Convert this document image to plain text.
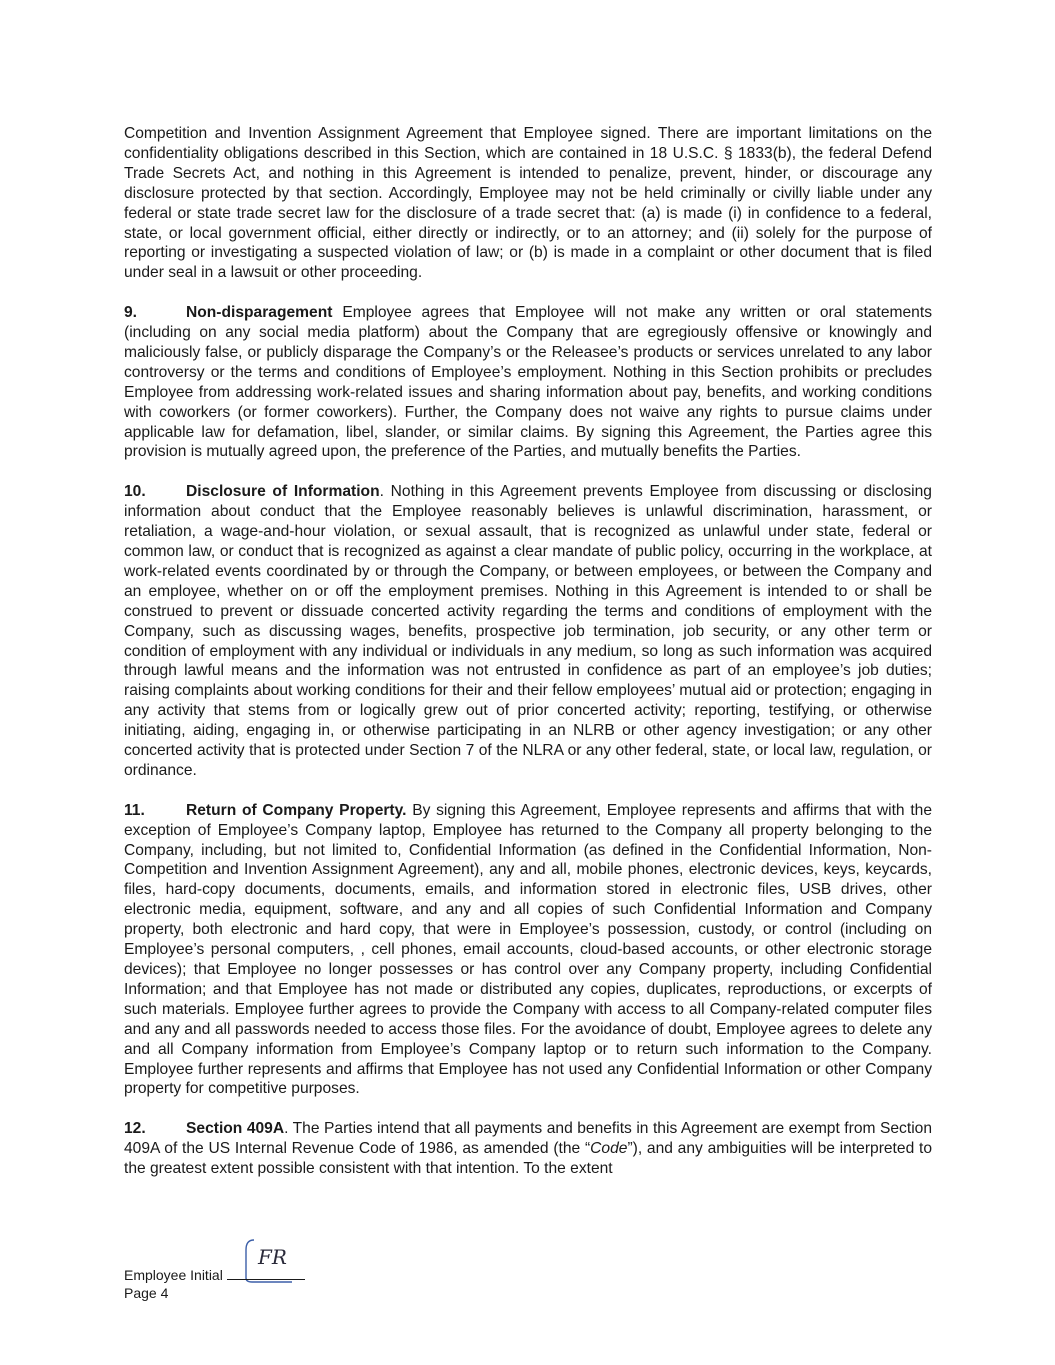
Competition and Invention Assignment Agreement that Employee signed. There are important limitations on the confidentiality obligations described in this Section, which are contained in 18 U.S.C. § 1833(b), the federal Defend Trade Secrets Act, and nothing in this Agreement is intended to penalize, prevent, hinder, or discourage any disclosure protected by that section. Accordingly, Employee may not be held criminally or civilly liable under any federal or state trade secret law for the disclosure of a trade secret that: (a) is made (i) in confidence to a federal, state, or local government official, either directly or indirectly, or to an attorney; and (ii) solely for the purpose of reporting or investigating a suspected violation of law; or (b) is made in a complaint or other document that is filed under seal in a lawsuit or other proceeding.

9.	Non-disparagement Employee agrees that Employee will not make any written or oral statements (including on any social media platform) about the Company that are egregiously offensive or knowingly and maliciously false, or publicly disparage the Company’s or the Releasee’s products or services unrelated to any labor controversy or the terms and conditions of Employee’s employment. Nothing in this Section prohibits or precludes Employee from addressing work-related issues and sharing information about pay, benefits, and working conditions with coworkers (or former coworkers). Further, the Company does not waive any rights to pursue claims under applicable law for defamation, libel, slander, or similar claims. By signing this Agreement, the Parties agree this provision is mutually agreed upon, the preference of the Parties, and mutually benefits the Parties.

10.	Disclosure of Information. Nothing in this Agreement prevents Employee from discussing or disclosing information about conduct that the Employee reasonably believes is unlawful discrimination, harassment, or retaliation, a wage-and-hour violation, or sexual assault, that is recognized as unlawful under state, federal or common law, or conduct that is recognized as against a clear mandate of public policy, occurring in the workplace, at work-related events coordinated by or through the Company, or between employees, or between the Company and an employee, whether on or off the employment premises. Nothing in this Agreement is intended to or shall be construed to prevent or dissuade concerted activity regarding the terms and conditions of employment with the Company, such as discussing wages, benefits, prospective job termination, job security, or any other term or condition of employment with any individual or individuals in any medium, so long as such information was acquired through lawful means and the information was not entrusted in confidence as part of an employee’s job duties; raising complaints about working conditions for their and their fellow employees’ mutual aid or protection; engaging in any activity that stems from or logically grew out of prior concerted activity; reporting, testifying, or otherwise initiating, aiding, engaging in, or otherwise participating in an NLRB or other agency investigation; or any other concerted activity that is protected under Section 7 of the NLRA or any other federal, state, or local law, regulation, or ordinance.

11.	Return of Company Property. By signing this Agreement, Employee represents and affirms that with the exception of Employee’s Company laptop, Employee has returned to the Company all property belonging to the Company, including, but not limited to, Confidential Information (as defined in the Confidential Information, Non-Competition and Invention Assignment Agreement), any and all, mobile phones, electronic devices, keys, keycards, files, hard-copy documents, documents, emails, and information stored in electronic files, USB drives, other electronic media, equipment, software, and any and all copies of such Confidential Information and Company property, both electronic and hard copy, that were in Employee’s possession, custody, or control (including on Employee’s personal computers, , cell phones, email accounts, cloud-based accounts, or other electronic storage devices); that Employee no longer possesses or has control over any Company property, including Confidential Information; and that Employee has not made or distributed any copies, duplicates, reproductions, or excerpts of such materials. Employee further agrees to provide the Company with access to all Company-related computer files and any and all passwords needed to access those files. For the avoidance of doubt, Employee agrees to delete any and all Company information from Employee’s Company laptop or to return such information to the Company. Employee further represents and affirms that Employee has not used any Confidential Information or other Company property for competitive purposes.

12.	Section 409A. The Parties intend that all payments and benefits in this Agreement are exempt from Section 409A of the US Internal Revenue Code of 1986, as amended (the “Code”), and any ambiguities will be interpreted to the greatest extent possible consistent with that intention. To the extent

FR
Employee Initial
Page 4
